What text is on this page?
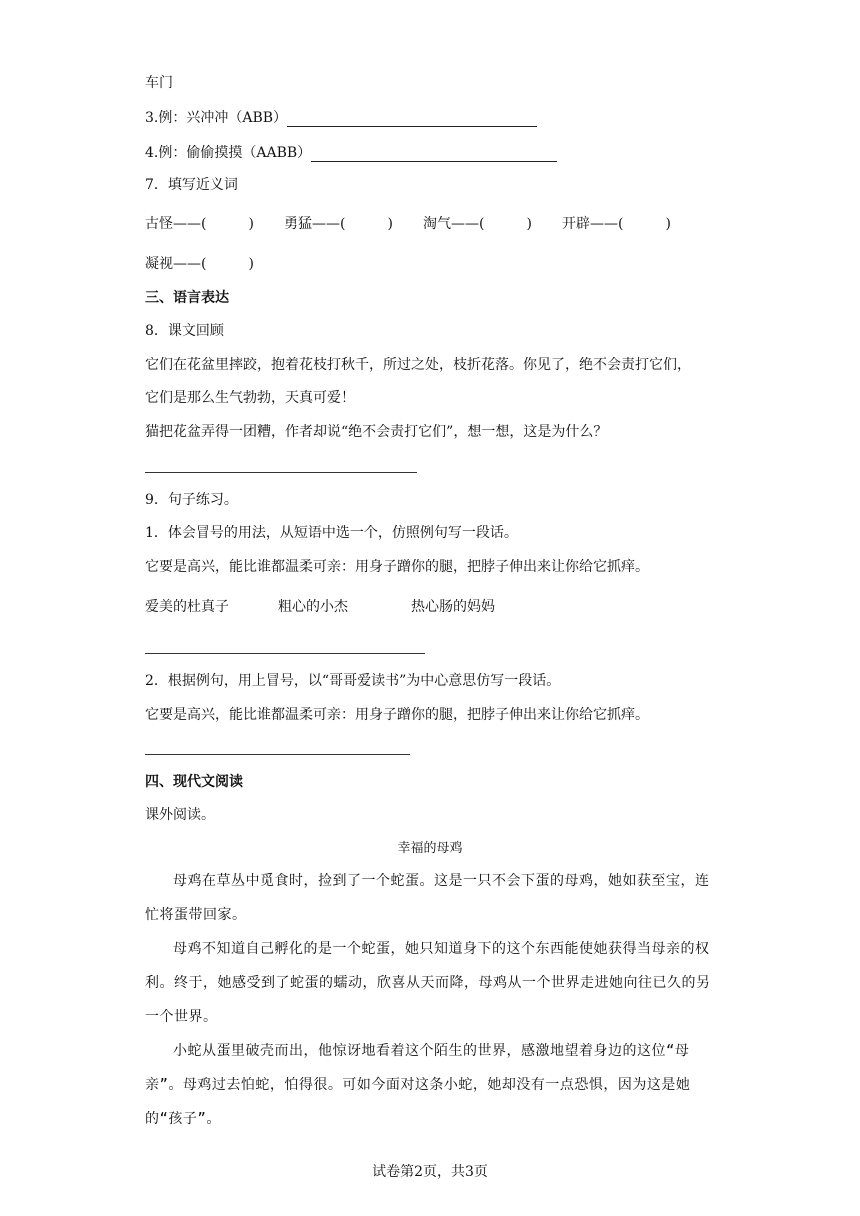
车门
3.例：兴冲冲（ABB）
4.例：偷偷摸摸（AABB）
7．填写近义词
古怪——(　　　) 勇猛——(　　　) 淘气——(　　　) 开辟——(　　　)
凝视——(　　　)
三、语言表达
8．课文回顾
它们在花盆里摔跤，抱着花枝打秋千，所过之处，枝折花落。你见了，绝不会责打它们，
它们是那么生气勃勃，天真可爱！
猫把花盆弄得一团糟，作者却说“绝不会责打它们”，想一想，这是为什么？
9．句子练习。
1．体会冒号的用法，从短语中选一个，仿照例句写一段话。
它要是高兴，能比谁都温柔可亲：用身子蹭你的腿，把脖子伸出来让你给它抓痒。
爱美的杜真子	粗心的小杰	热心肠的妈妈
2．根据例句，用上冒号，以“哥哥爱读书”为中心意思仿写一段话。
它要是高兴，能比谁都温柔可亲：用身子蹭你的腿，把脖子伸出来让你给它抓痒。
四、现代文阅读
课外阅读。
幸福的母鸡
母鸡在草丛中觅食时，捡到了一个蛇蛋。这是一只不会下蛋的母鸡，她如获至宝，连忙将蛋带回家。
母鸡不知道自己孵化的是一个蛇蛋，她只知道身下的这个东西能使她获得当母亲的权利。终于，她感受到了蛇蛋的蠕动，欣喜从天而降，母鸡从一个世界走进她向往已久的另一个世界。
小蛇从蛋里破壳而出，他惊讶地看着这个陌生的世界，感激地望着身边的这位“母亲”。母鸡过去怕蛇，怕得很。可如今面对这条小蛇，她却没有一点恐惧，因为这是她的“孩子”。
试卷第2页，共3页
